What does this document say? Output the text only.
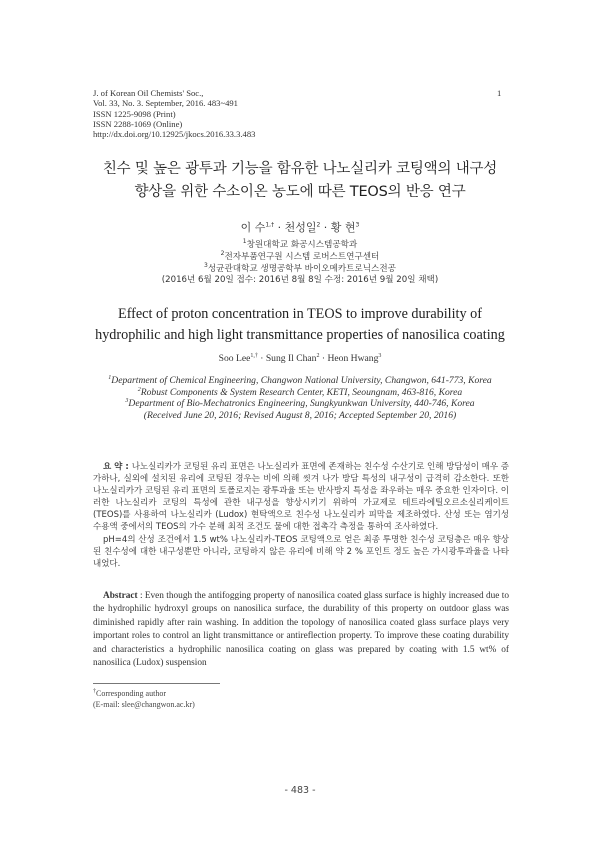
J. of Korean Oil Chemists' Soc.,
Vol. 33, No. 3. September, 2016. 483~491
ISSN 1225-9098 (Print)
ISSN 2288-1069 (Online)
http://dx.doi.org/10.12925/jkocs.2016.33.3.483
1
친수 및 높은 광투과 기능을 함유한 나노실리카 코팅액의 내구성
향상을 위한 수소이온 농도에 따른 TEOS의 반응 연구
이 수$^{1,\dagger}$ · 천성일$^2$ · 황 현$^3$
$^1$창원대학교 화공시스템공학과
$^2$전자부품연구원 시스템 로버스트연구센터
$^3$성균관대학교 생명공학부 바이오메카트로닉스전공
(2016년 6월 20일 접수: 2016년 8월 8일 수정: 2016년 9월 20일 채택)
Effect of proton concentration in TEOS to improve durability of
hydrophilic and high light transmittance properties of nanosilica coating
Soo Lee$^{1,\dagger}$ · Sung Il Chan$^2$ · Heon Hwang$^3$
$^1$Department of Chemical Engineering, Changwon National University, Changwon, 641-773, Korea
$^2$Robust Components & System Research Center, KETI, Seoungnam, 463-816, Korea
$^3$Department of Bio-Mechatronics Engineering, Sungkyunkwan University, 440-746, Korea
(Received June 20, 2016; Revised August 8, 2016; Accepted September 20, 2016)

요 약 : 나노실리카가 코팅된 유리 표면은 나노실리카 표면에 존재하는 친수성 수산기로 인해 방담성이 매우 증가하나, 실외에 설치된 유리에 코팅된 경우는 비에 의해 씻겨 나가 방담 특성의 내구성이 급격히 감소한다. 또한 나노실리카가 코팅된 유리 표면의 토폴로지는 광투과율 또는 반사방지 특성을 좌우하는 매우 중요한 인자이다. 이러한 나노실리카 코팅의 특성에 관한 내구성을 향상시키기 위하여 가교제로 테트라에틸오르소실리케이트 (TEOS)를 사용하여 나노실리카 (Ludox) 현탁액으로 친수성 나노실리카 피막을 제조하였다. 산성 또는 염기성 수용액 중에서의 TEOS의 가수 분해 최적 조건도 물에 대한 접촉각 측정을 통하여 조사하였다.

pH=4의 산성 조건에서 1.5 wt% 나노실리카-TEOS 코팅액으로 얻은 최종 투명한 친수성 코팅층은 매우 향상된 친수성에 대한 내구성뿐만 아니라, 코팅하지 않은 유리에 비해 약 2 % 포인트 정도 높은 가시광투과율을 나타내었다.

Abstract : Even though the antifogging property of nanosilica coated glass surface is highly increased due to the hydrophilic hydroxyl groups on nanosilica surface, the durability of this property on outdoor glass was diminished rapidly after rain washing. In addition the topology of nanosilica coated glass surface plays very important roles to control an light transmittance or antireflection property. To improve these coating durability and characteristics a hydrophilic nanosilica coating on glass was prepared by coating with 1.5 wt% of nanosilica (Ludox) suspension

†Corresponding author
(E-mail: slee@changwon.ac.kr)
- 483 -
